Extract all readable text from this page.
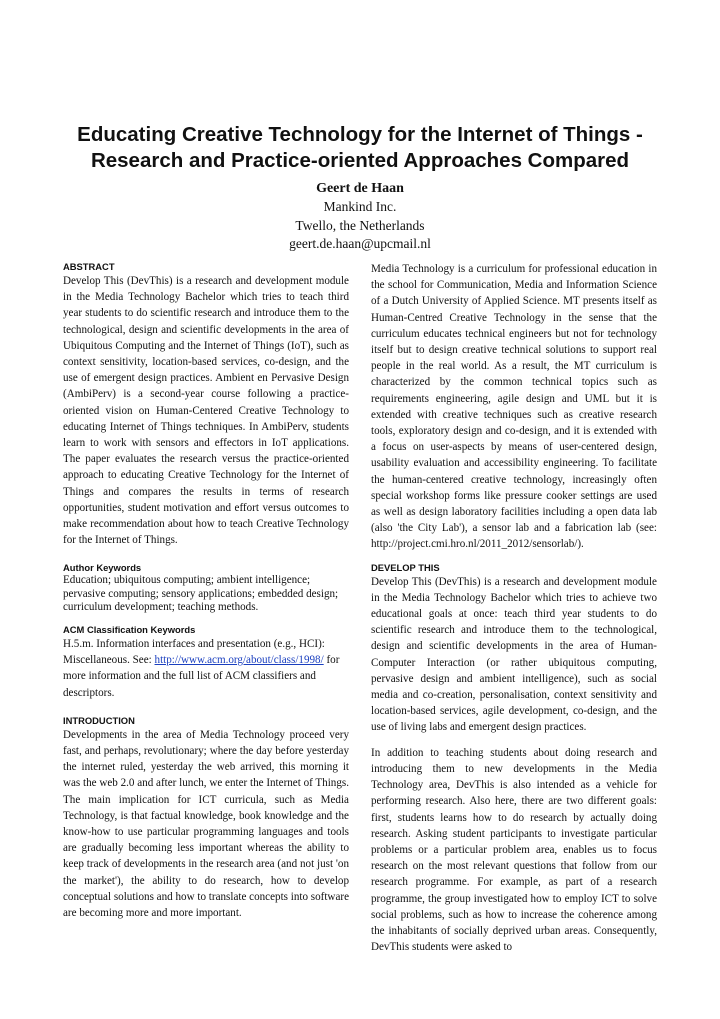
Educating Creative Technology for the Internet of Things -
Research and Practice-oriented Approaches Compared
Geert de Haan
Mankind Inc.
Twello, the Netherlands
geert.de.haan@upcmail.nl
ABSTRACT

Develop This (DevThis) is a research and development module in the Media Technology Bachelor which tries to teach third year students to do scientific research and introduce them to the technological, design and scientific developments in the area of Ubiquitous Computing and the Internet of Things (IoT), such as context sensitivity, location-based services, co-design, and the use of emergent design practices. Ambient en Pervasive Design (AmbiPerv) is a second-year course following a practice-oriented vision on Human-Centered Creative Technology to educating Internet of Things techniques. In AmbiPerv, students learn to work with sensors and effectors in IoT applications. The paper evaluates the research versus the practice-oriented approach to educating Creative Technology for the Internet of Things and compares the results in terms of research opportunities, student motivation and effort versus outcomes to make recommendation about how to teach Creative Technology for the Internet of Things.

Author Keywords

Education; ubiquitous computing; ambient intelligence; pervasive computing; sensory applications; embedded design; curriculum development; teaching methods.

ACM Classification Keywords

H.5.m. Information interfaces and presentation (e.g., HCI): Miscellaneous. See: http://www.acm.org/about/class/1998/ for more information and the full list of ACM classifiers and descriptors.

INTRODUCTION

Developments in the area of Media Technology proceed very fast, and perhaps, revolutionary; where the day before yesterday the internet ruled, yesterday the web arrived, this morning it was the web 2.0 and after lunch, we enter the Internet of Things. The main implication for ICT curricula, such as Media Technology, is that factual knowledge, book knowledge and the know-how to use particular programming languages and tools are gradually becoming less important whereas the ability to keep track of developments in the research area (and not just 'on the market'), the ability to do research, how to develop conceptual solutions and how to translate concepts into software are becoming more and more important.

Media Technology is a curriculum for professional education in the school for Communication, Media and Information Science of a Dutch University of Applied Science. MT presents itself as Human-Centred Creative Technology in the sense that the curriculum educates technical engineers but not for technology itself but to design creative technical solutions to support real people in the real world. As a result, the MT curriculum is characterized by the common technical topics such as requirements engineering, agile design and UML but it is extended with creative techniques such as creative research tools, exploratory design and co-design, and it is extended with a focus on user-aspects by means of user-centered design, usability evaluation and accessibility engineering. To facilitate the human-centered creative technology, increasingly often special workshop forms like pressure cooker settings are used as well as design laboratory facilities including a open data lab (also 'the City Lab'), a sensor lab and a fabrication lab (see: http://project.cmi.hro.nl/2011_2012/sensorlab/).

DEVELOP THIS

Develop This (DevThis) is a research and development module in the Media Technology Bachelor which tries to achieve two educational goals at once: teach third year students to do scientific research and introduce them to the technological, design and scientific developments in the area of Human-Computer Interaction (or rather ubiquitous computing, pervasive design and ambient intelligence), such as social media and co-creation, personalisation, context sensitivity and location-based services, agile development, co-design, and the use of living labs and emergent design practices.

In addition to teaching students about doing research and introducing them to new developments in the Media Technology area, DevThis is also intended as a vehicle for performing research. Also here, there are two different goals: first, students learns how to do research by actually doing research. Asking student participants to investigate particular problems or a particular problem area, enables us to focus research on the most relevant questions that follow from our research programme. For example, as part of a research programme, the group investigated how to employ ICT to solve social problems, such as how to increase the coherence among the inhabitants of socially deprived urban areas. Consequently, DevThis students were asked to
